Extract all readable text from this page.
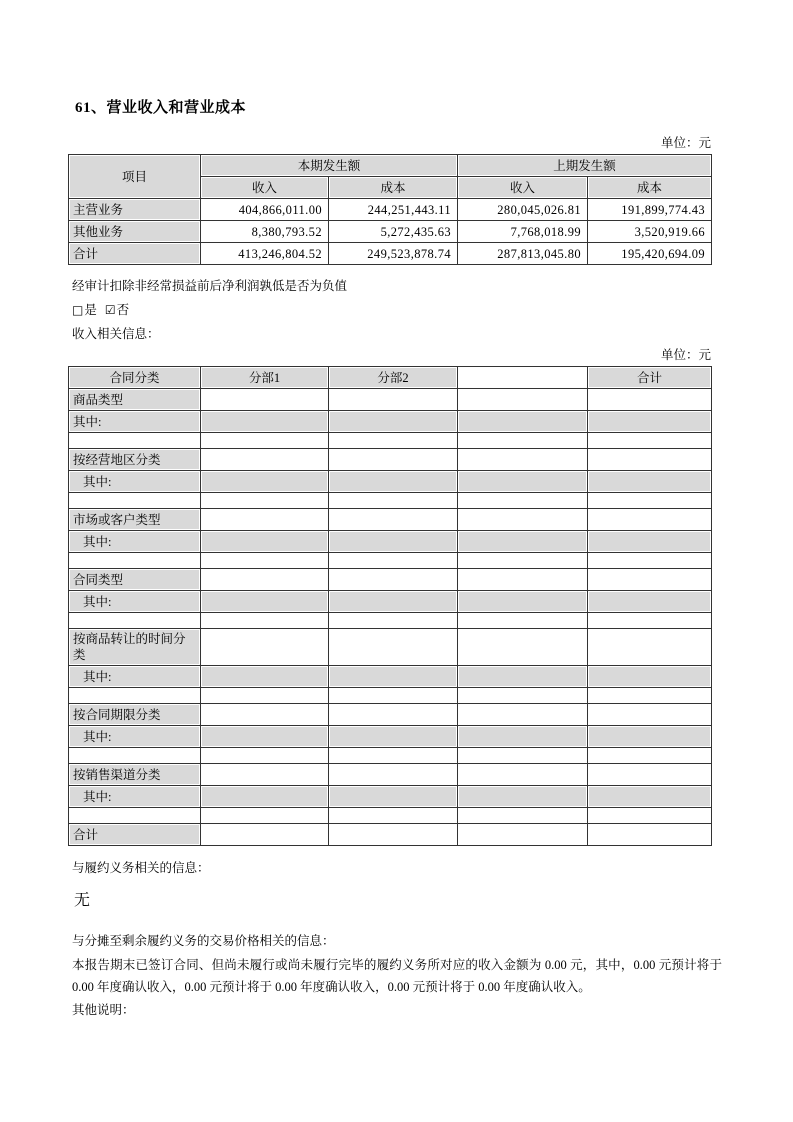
61、营业收入和营业成本
单位：元
项目	本期发生额		上期发生额	
	收入	成本	收入	成本
主营业务	404,866,011.00	244,251,443.11	280,045,026.81	191,899,774.43
其他业务	8,380,793.52	5,272,435.63	7,768,018.99	3,520,919.66
合计	413,246,804.52	249,523,878.74	287,813,045.80	195,420,694.09

经审计扣除非经常损益前后净利润孰低是否为负值

□是 ☑否

收入相关信息：

单位：元
合同分类	分部1	分部2		合计
商品类型				
其中:				

按经营地区分类				
其中:				

市场或客户类型				
其中:				

合同类型				
其中:				

按商品转让的时间分类				
其中:				

按合同期限分类				
其中:				

按销售渠道分类				
其中:				

合计				

与履约义务相关的信息：

无

与分摊至剩余履约义务的交易价格相关的信息：

本报告期末已签订合同、但尚未履行或尚未履行完毕的履约义务所对应的收入金额为 0.00 元，其中，0.00 元预计将于 0.00 年度确认收入，0.00 元预计将于 0.00 年度确认收入，0.00 元预计将于 0.00 年度确认收入。

其他说明：
